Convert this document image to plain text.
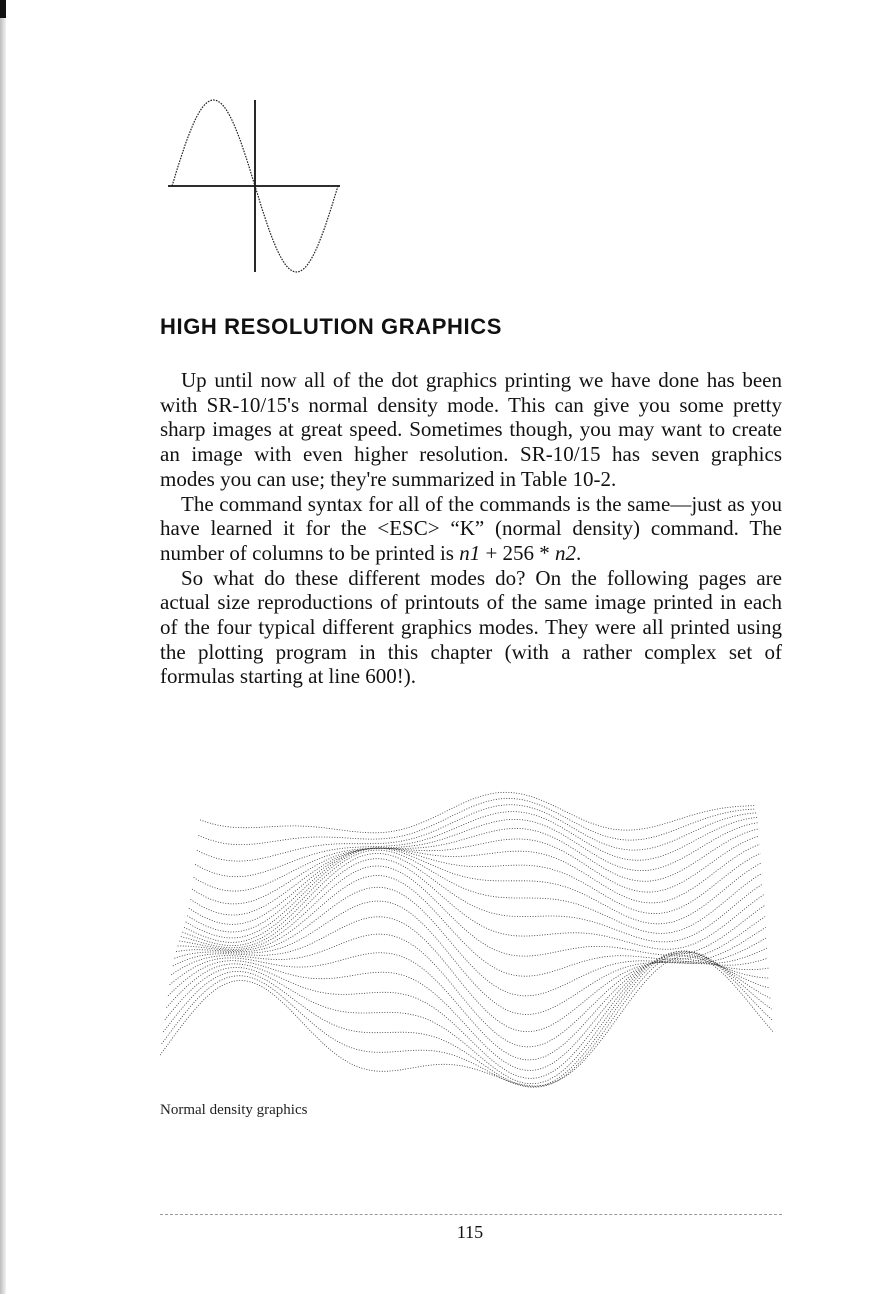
HIGH RESOLUTION GRAPHICS

Up until now all of the dot graphics printing we have done has been with SR-10/15's normal density mode. This can give you some pretty sharp images at great speed. Sometimes though, you may want to create an image with even higher resolution. SR-10/15 has seven graphics modes you can use; they're summarized in Table 10-2.

The command syntax for all of the commands is the same—just as you have learned it for the <ESC> “K” (normal density) command. The number of columns to be printed is n1 + 256 * n2.

So what do these different modes do? On the following pages are actual size reproductions of printouts of the same image printed in each of the four typical different graphics modes. They were all printed using the plotting program in this chapter (with a rather complex set of formulas starting at line 600!).

Normal density graphics

115
